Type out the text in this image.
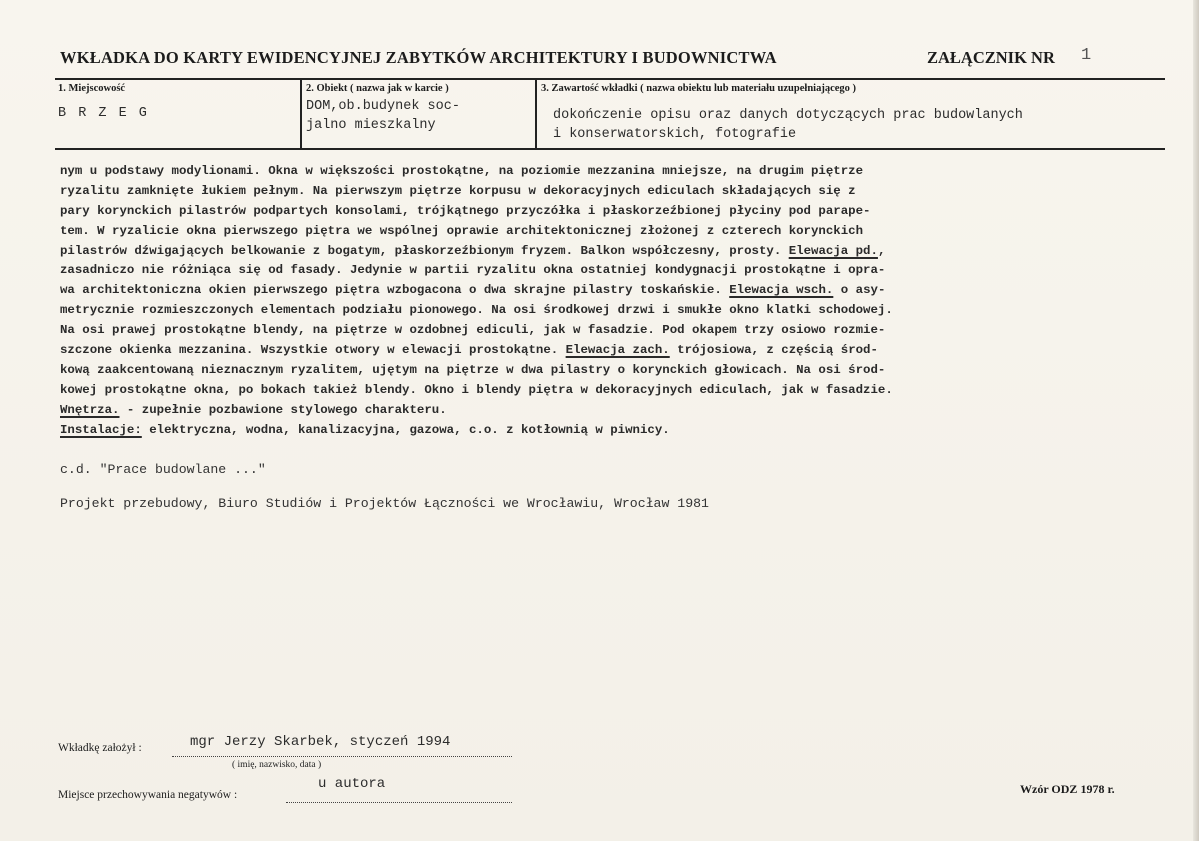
WKŁADKA DO KARTY EWIDENCYJNEJ ZABYTKÓW ARCHITEKTURY I BUDOWNICTWA	ZAŁĄCZNIK NR 1
1. Miejscowość
B R Z E G
2. Obiekt ( nazwa jak w karcie )
DOM,ob.budynek soc-
jalno mieszkalny
3. Zawartość wkładki ( nazwa obiektu lub materiału uzupełniającego )
dokończenie opisu oraz danych dotyczących prac budowlanych
i konserwatorskich, fotografie
nym u podstawy modylionami. Okna w większości prostokątne, na poziomie mezzanina mniejsze, na drugim piętrze
ryzalitu zamknięte łukiem pełnym. Na pierwszym piętrze korpusu w dekoracyjnych ediculach składających się z
pary korynckich pilastrów podpartych konsolami, trójkątnego przyczółka i płaskorzeźbionej płyciny pod parape-
tem. W ryzalicie okna pierwszego piętra we wspólnej oprawie architektonicznej złożonej z czterech korynckich
pilastrów dźwigających belkowanie z bogatym, płaskorzeźbionym fryzem. Balkon współczesny, prosty. Elewacja pd.,
zasadniczo nie różniąca się od fasady. Jedynie w partii ryzalitu okna ostatniej kondygnacji prostokątne i opra-
wa architektoniczna okien pierwszego piętra wzbogacona o dwa skrajne pilastry toskańskie. Elewacja wsch. o asy-
metrycznie rozmieszczonych elementach podziału pionowego. Na osi środkowej drzwi i smukłe okno klatki schodowej.
Na osi prawej prostokątne blendy, na piętrze w ozdobnej ediculi, jak w fasadzie. Pod okapem trzy osiowo rozmie-
szczone okienka mezzanina. Wszystkie otwory w elewacji prostokątne. Elewacja zach. trójosiowa, z częścią środ-
kową zaakcentowaną nieznacznym ryzalitem, ujętym na piętrze w dwa pilastry o korynckich głowicach. Na osi środ-
kowej prostokątne okna, po bokach takież blendy. Okno i blendy piętra w dekoracyjnych ediculach, jak w fasadzie.
Wnętrza. - zupełnie pozbawione stylowego charakteru.
Instalacje: elektryczna, wodna, kanalizacyjna, gazowa, c.o. z kotłownią w piwnicy.
c.d. "Prace budowlane ..."
Projekt przebudowy, Biuro Studiów i Projektów Łączności we Wrocławiu, Wrocław 1981
Wkładkę założył :	mgr Jerzy Skarbek, styczeń 1994
( imię, nazwisko, data )
Miejsce przechowywania negatywów :
u autora	Wzór ODZ 1978 r.
